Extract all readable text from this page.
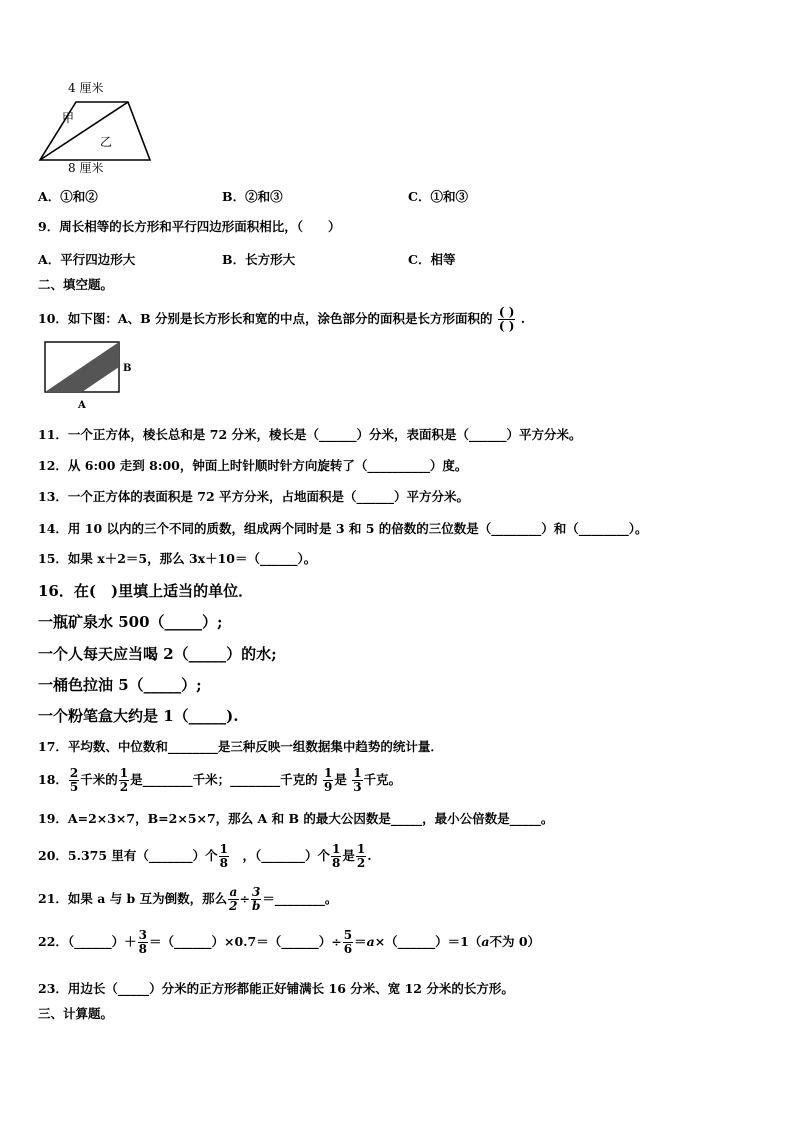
4 厘米
甲
乙
8 厘米
A．①和②	B．②和③	C．①和③
9．周长相等的长方形和平行四边形面积相比，（　　）
A．平行四边形大	B．长方形大	C．相等
二、填空题。
10．如下图：A、B 分别是长方形长和宽的中点，涂色部分的面积是长方形面积的 $\frac{( )}{( )}$ .
B
A
11．一个正方体，棱长总和是 72 分米，棱长是（______）分米，表面积是（______）平方分米。
12．从 6:00 走到 8:00，钟面上时针顺时针方向旋转了（__________）度。
13．一个正方体的表面积是 72 平方分米，占地面积是（______）平方分米。
14．用 10 以内的三个不同的质数，组成两个同时是 3 和 5 的倍数的三位数是（________）和（________）。
15．如果 x＋2＝5，那么 3x＋10＝（______）。
16．在(　)里填上适当的单位．
一瓶矿泉水 500（_____）;
一个人每天应当喝 2（_____）的水;
一桶色拉油 5（_____）;
一个粉笔盒大约是 1（_____).
17．平均数、中位数和________是三种反映一组数据集中趋势的统计量．
18． $\frac{2}{5}$ 千米的 $\frac{1}{2}$ 是________千米；________千克的 $\frac{1}{9}$ 是 $\frac{1}{3}$ 千克。
19．A=2×3×7，B=2×5×7，那么 A 和 B 的最大公因数是_____，最小公倍数是_____。
20．5.375 里有（_______）个 $\frac{1}{8}$
　 ，（_______）个 $\frac{1}{8}$ 是 $\frac{1}{2}$ .
21．如果 a 与 b 互为倒数，那么 $\frac{a}{2} \div \frac{3}{b}$ ＝________。
22．（______）＋ $\frac{3}{8}$ ＝（______）×0.7＝（______）÷ $\frac{5}{6}$ ＝a×（______）＝1（a不为 0）
23．用边长（_____）分米的正方形都能正好铺满长 16 分米、宽 12 分米的长方形。
三、计算题。
